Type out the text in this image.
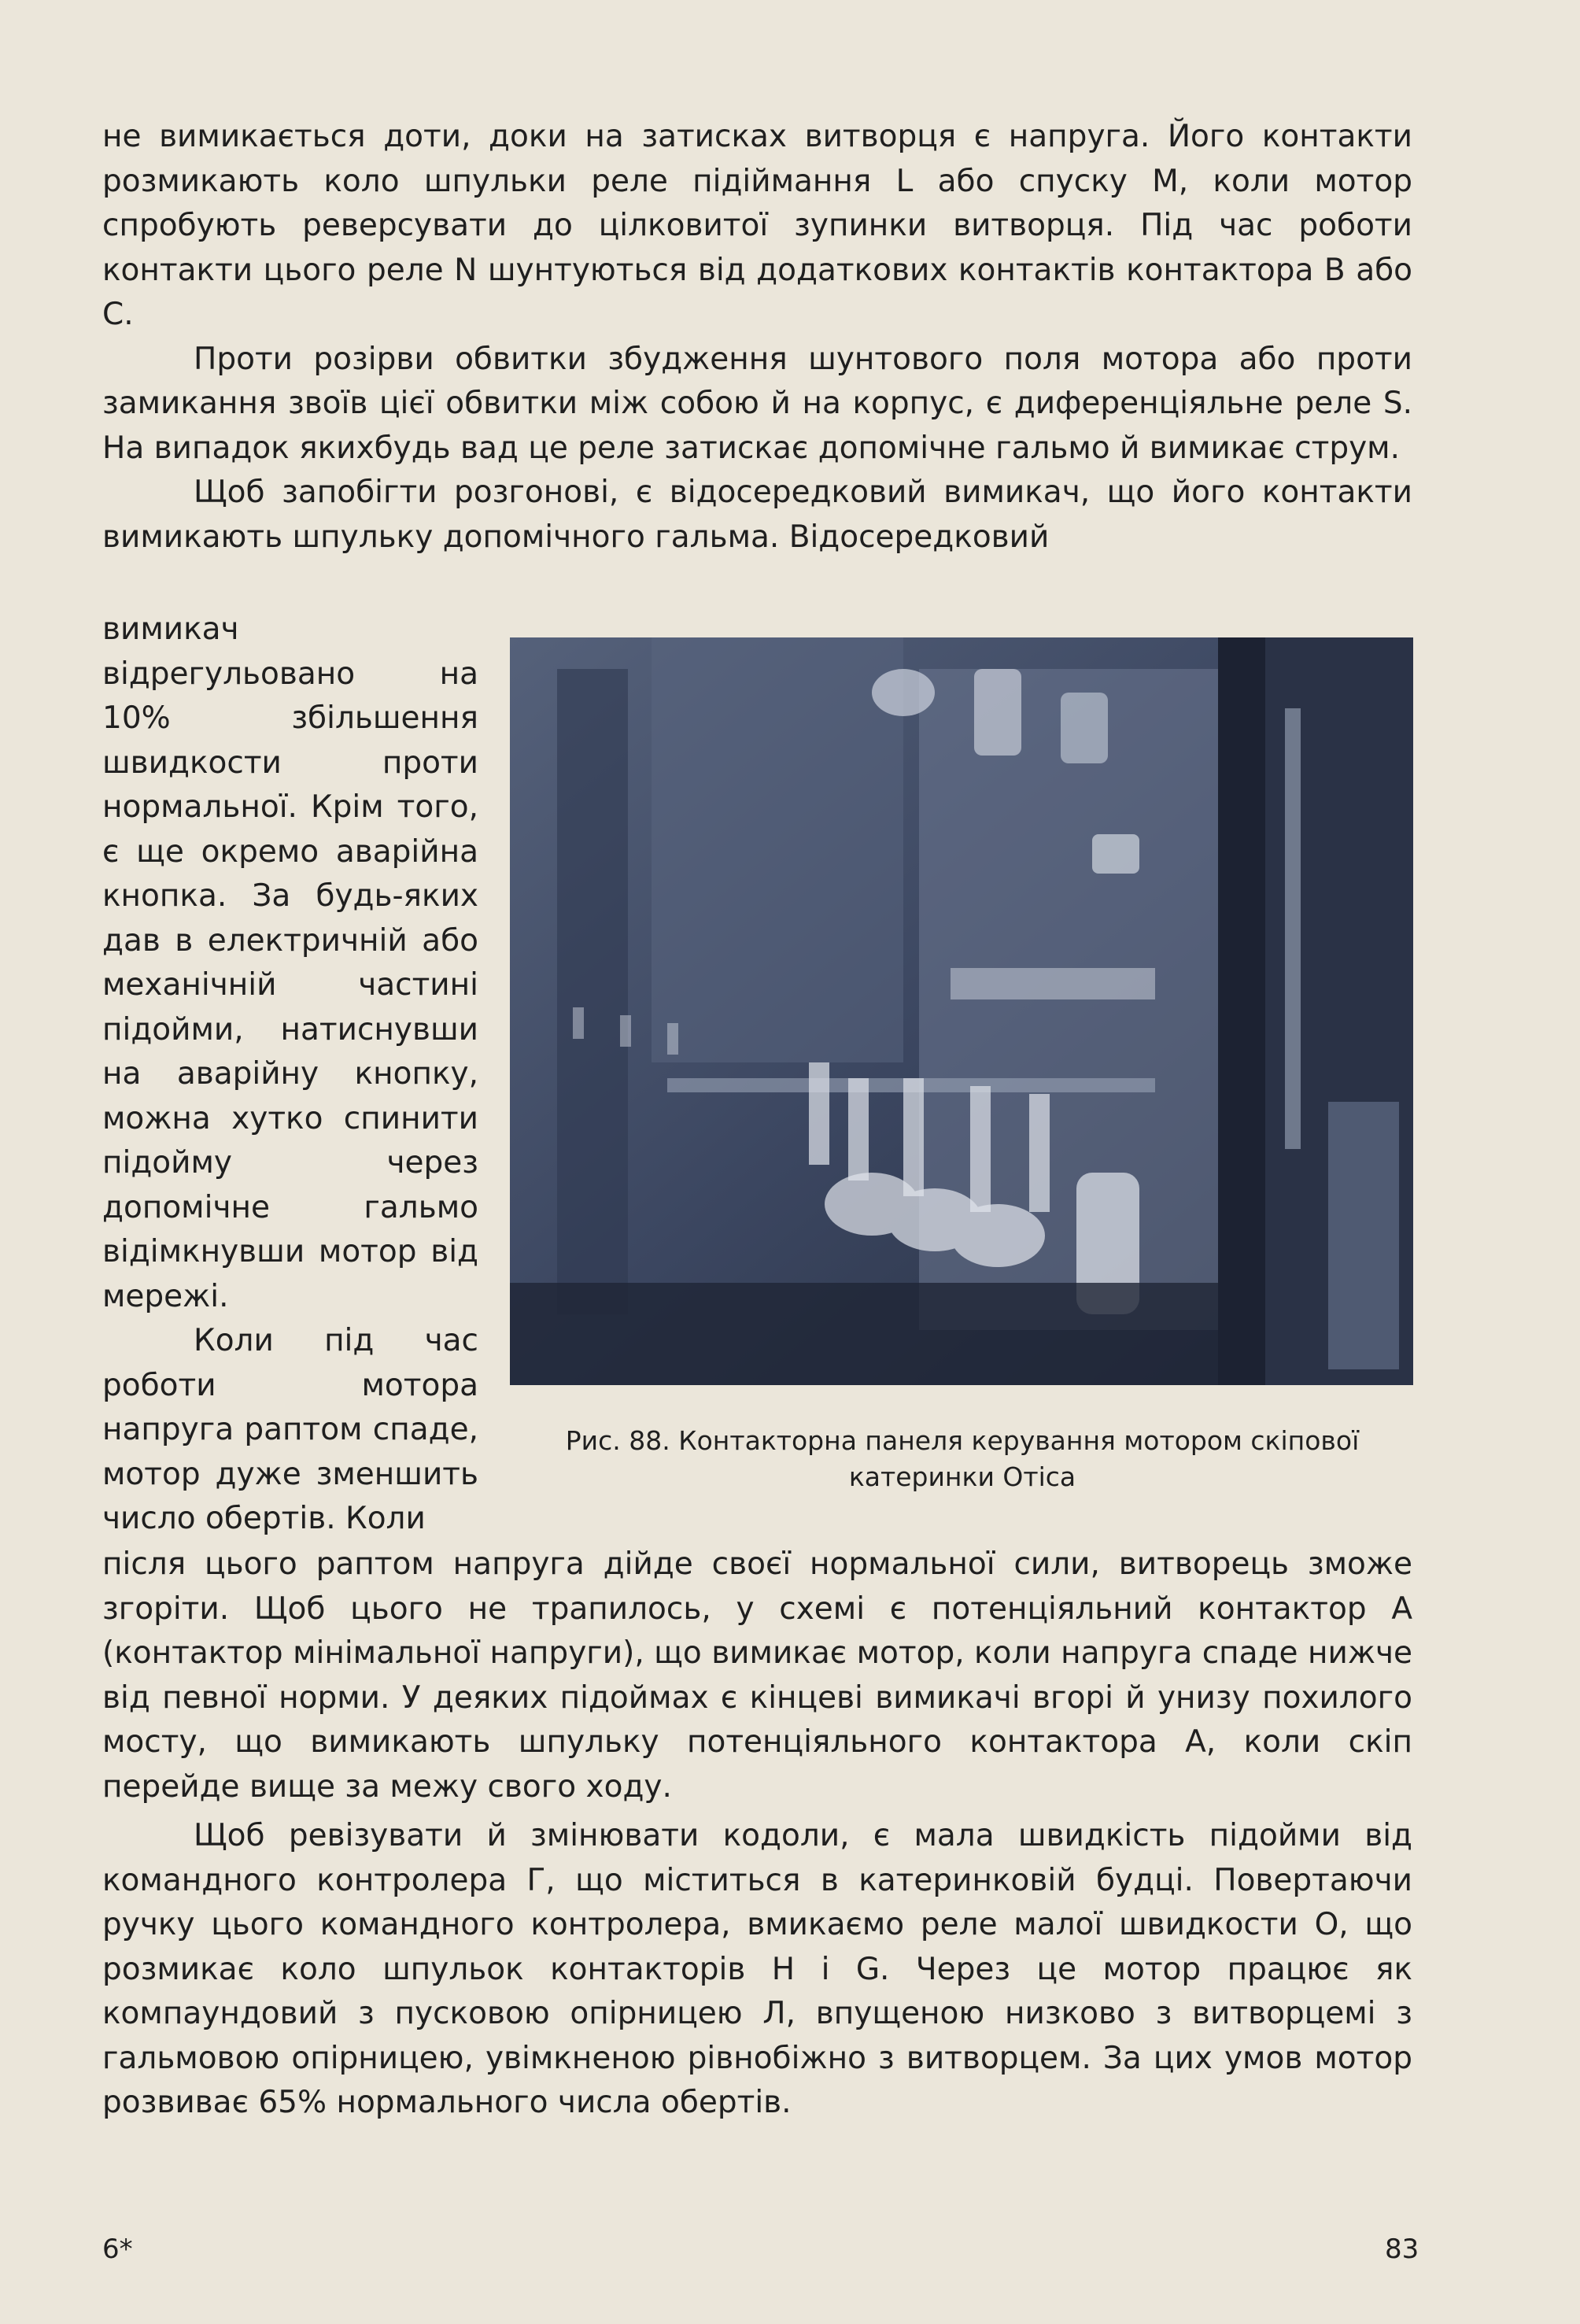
не вимикається доти, доки на затисках витворця є напруга. Його контакти розмикають коло шпульки реле підіймання L або спуску M, коли мотор спробують реверсувати до цілковитої зупинки витворця. Під час роботи контакти цього реле N шунтуються від додаткових контактів контактора B або C.

Проти розірви обвитки збудження шунтового поля мотора або проти замикання звоїв цієї обвитки між собою й на корпус, є диференціяльне реле S. На випадок якихбудь вад це реле затискає допомічне гальмо й вимикає струм.

Щоб запобігти розгонові, є відосередковий вимикач, що його контакти вимикають шпульку допомічного гальма. Відосередковий

вимикач відрегульовано на 10% збільшення швидкости проти нормальної. Крім того, є ще окремо аварійна кнопка. За будь-яких дав в електричній або механічній частині підойми, натиснувши на аварійну кнопку, можна хутко спинити підойму через допомічне гальмо відімкнувши мотор від мережі.

Коли під час роботи мотора напруга раптом спаде, мотор дуже зменшить число обертів. Коли

Рис. 88. Контакторна панеля керування мотором скіпової
катеринки Отіса

після цього раптом напруга дійде своєї нормальної сили, витворець зможе згоріти. Щоб цього не трапилось, у схемі є потенціяльний контактор A (контактор мінімальної напруги), що вимикає мотор, коли напруга спаде нижче від певної норми. У деяких підоймах є кінцеві вимикачі вгорі й унизу похилого мосту, що вимикають шпульку потенціяльного контактора A, коли скіп перейде вище за межу свого ходу.

Щоб ревізувати й змінювати кодоли, є мала швидкість підойми від командного контролера Г, що міститься в катеринковій будці. Повертаючи ручку цього командного контролера, вмикаємо реле малої швидкости O, що розмикає коло шпульок контакторів H і G. Через це мотор працює як компаундовий з пусковою опірницею Л, впущеною низково з витворцемі з гальмовою опірницею, увімкненою рівнобіжно з витворцем. За цих умов мотор розвиває 65% нормального числа обертів.

6*	83
